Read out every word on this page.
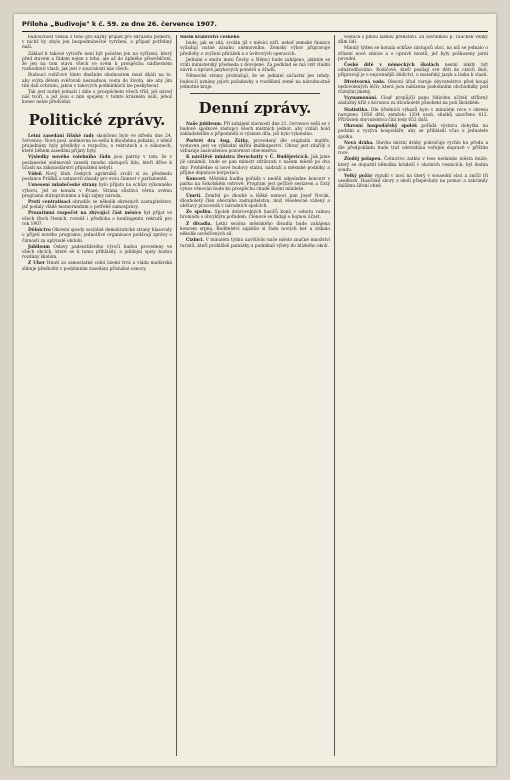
Příloha „Budivoje" k č. 59. ze dne 26. července 1907.

budoucnost vzešla z toho pro každý případ pro sdružení poměrů, v nichž by zbylo jen bezpodmínečné vytržení, a případ potřebný naší.

Základ k takové vytváře není být položen jen na vyřízení, který před stavem a řádem nejen z toho, ale až do úplného přesvědčení, že jen na tom stavu všech ve svém k prospěchu nádherném rozhodnutí vlasti, jak jest v souvislosti nás všech.

Budoucí rodičové tímto dnešním okolnostem musí dbáti na to, aby svým dětem svěřovali nesnadnou cestu do života, ale aby jim tím dali ochranu, jakou v takových podmínkách lze poskytnout.

Tak jest nutně jednati i dále s prospěchem všech tříd, jež národ náš tvoří, a jež jsou s ním spojeny v tomto krásném úsilí, jehož konec nelze předvídat.

Politické zprávy.

Letní zasedání říšské rady skončeno bylo ve středu dne 24. července. Nové posl. sněmovna se sešla k dlouhému jednání, v němž projednány byly předlohy o rozpočtu, o rekrutech a o zákonech, které během zasedání přijaty byly.

Výsledky nového volebního řádu jsou patrny v tom, že v poslanecké sněmovně zasedá mnoho zástupců lidu, kteří dříve k účasti na zákonodárství připuštěni nebyli.

Vídeň Nový klub českých agrárníků zvolil si za předsedu poslance Prášků a ustanovil zásady pro svou činnost v parlamentě.

Usnesení mladočeské strany bylo přijato na schůzi výkonného výboru, jež se konala v Praze. Strana zůstává věrna svému programu státoprávnímu a hájí zájmy národa.

Proti centralisaci ohradilo se několik okresních zastupitelstev, jež podaly vládě memorandum o potřebě samosprávy.

Prozatímní rozpočet na zbývající část měsíce byl přijat ve všech třech čteních, rovněž i předloha o kontingentu rekrutů pro rok 1907.

Dělnictvo Okresní sjezdy sociálně demokratické strany hlasovaly o přijetí nového programu; jednotlivé organisace podávají zprávy o činnosti za uplynulé období.

Jubileum Oslavy padesátiletého výročí budou provedeny ve všech obcích, které se k tomu přihlásily, a jubilejní spisy budou rozdány školám.

Z Uher Hnutí za samostatné celní území trvá a vláda maďarská slibuje předložiti v podzimním zasedání příslušné osnovy.

Sněm království českého

bude, jak se zdá, svolán již v měsíci září, neboť zemské finance vyžadují nutně zásahu sněmovního. Zemský výbor připravuje předlohy o zvýšení přirážek a o úvěrových operacích.

Jednání o smíru mezi Čechy a Němci bude zahájeno, jakmile se vrátí ministerský předseda z dovolené. Za podklad se má vzít vládní návrh o úpravě jazykových poměrů u úřadů.

Německé strany prohlašují, že se jednání súčastní jen tehdy, budou-li uznány jejich požadavky o rozdělení země na národnostně jednotné kraje.

Denní zprávy.

Naše jubileum. Při zahájení slavností dne 21. července sešli se v budově spolkové zástupci všech místních jednot, aby vzdali hold zakladatelům a připomněli si význam díla, jež bylo vykonáno.

Portrét dra Aug. Zátky, provedený dle originálu malíře, vystaven jest ve výkladní skříni knihkupectví. Obraz jest zdařilý a vzbuzuje zaslouženou pozornost obecenstva.

K návštěvě ministra Derschatty v Č. Budějovicích. Jak jsme již oznámili, bude se pan ministr zdržovati v našem městě po dva dny. Prohlédne si nové budovy státní, nádraží a městské podniky, a přijme deputace korporací.

Koncert. Městská hudba pořádá v neděli odpoledne koncert v parku na Sokolském ostrově. Program jest pečlivě sestaven a čistý výnos věnován bude ku prospěchu chudé školní mládeže.

Úmrtí. Zemřel po dlouhé a těžké nemoci pan Josef Novák, dlouholetý člen obecního zastupitelstva, muž všeobecně vážený a obětavý pracovník v národních spolcích.

Ze spolku. Spolek dobrovolných hasičů koná v sobotu valnou hromadu s obvyklým pořadem. Členové se žádají o hojnou účast.

Z divadla. Letní sezóna městského divadla bude zahájena koncem srpna. Ředitelství zajistilo si řadu nových her a získalo několik osvědčených sil.

Cizinci. V minulém týdnu navštívilo naše město značné množství turistů, kteří prohlíželi památky a podnikali výlety do blízkého okolí.

vesnice s plnou láskou představí. Za Horudkou p. Tauchek veliký dům lidí.

Minulý týden se konala schůze zástupců obcí, na níž se jednalo o zřízení nové silnice a o opravě mostů, jež byly poškozeny jarní povodní.

České dítě v německých školách nesmí nikdy být odnárodňováno. Rodičové, kteří posílají své děti do cizích škol, připravují je o nejcennější dědictví, o mateřský jazyk a lásku k vlasti.

Divotvorná voda. Obecní úřad varuje obyvatelstvo před koupí nedovolených léčiv, která jsou nabízena podomními obchodníky pod různými jmény.

Vyznamenání. Císař propůjčil panu řídícímu učiteli stříbrný záslužný kříž s korunou za dlouholeté působení na poli školském.

Statistika. Dle úředních výkazů bylo v minulém roce v okresu narozeno 1856 dětí, zemřelo 1204 osob, sňatků uzavřeno 412. Přírůstek obyvatelstva činí tedy 652 duší.

Okresní hospodářský spolek pořádá výstavu dobytka na podzim a vyzývá hospodáře, aby se přihlásili včas u jednatele spolku.

Nová dráha. Stavba místní dráhy pokračuje rychle ku předu a dle předpokladu bude trať odevzdána veřejné dopravě v příštím roce.

Zloděj polapen. Četnictvo zatklo v lese nedaleko města muže, který se dopustil několika krádeží v okolních vesnicích; byl dodán soudu.

Velký požár vypukl v noci na úterý v sousední obci a zničil tři usedlosti. Hasičské sbory z okolí přispěchaly na pomoc a zabránily dalšímu šíření ohně.
